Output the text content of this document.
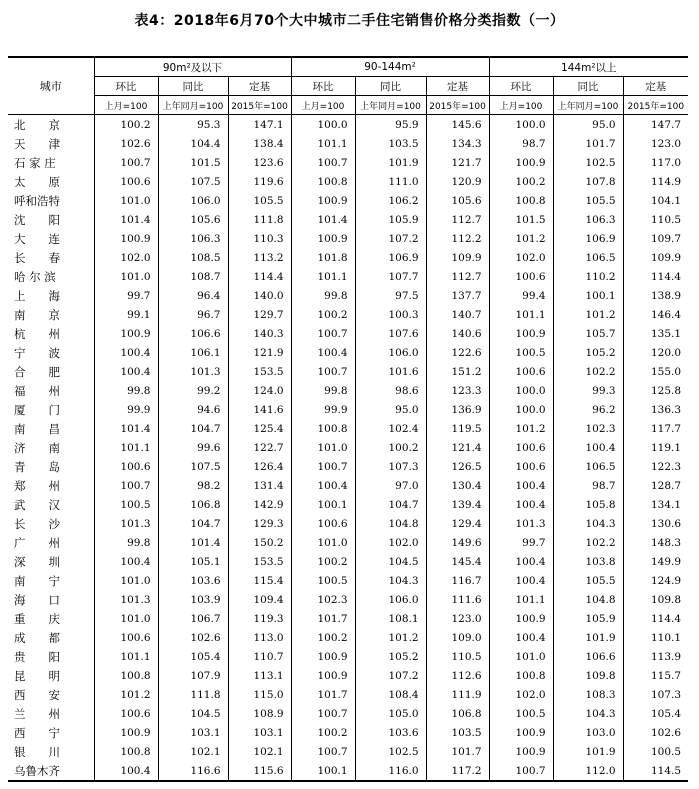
表4：2018年6月70个大中城市二手住宅销售价格分类指数（一）
城市	90m²及以下			90-144m²			144m²以上		
	环比	同比	定基	环比	同比	定基	环比	同比	定基
	上月=100	上年同月=100	2015年=100	上月=100	上年同月=100	2015年=100	上月=100	上年同月=100	2015年=100
北　　京	100.2	95.3	147.1	100.0	95.9	145.6	100.0	95.0	147.7
天　　津	102.6	104.4	138.4	101.1	103.5	134.3	98.7	101.7	123.0
石 家 庄	100.7	101.5	123.6	100.7	101.9	121.7	100.9	102.5	117.0
太　　原	100.6	107.5	119.6	100.8	111.0	120.9	100.2	107.8	114.9
呼和浩特	101.0	106.0	105.5	100.9	106.2	105.6	100.8	105.5	104.1
沈　　阳	101.4	105.6	111.8	101.4	105.9	112.7	101.5	106.3	110.5
大　　连	100.9	106.3	110.3	100.9	107.2	112.2	101.2	106.9	109.7
长　　春	102.0	108.5	113.2	101.8	106.9	109.9	102.0	106.5	109.9
哈 尔 滨	101.0	108.7	114.4	101.1	107.7	112.7	100.6	110.2	114.4
上　　海	99.7	96.4	140.0	99.8	97.5	137.7	99.4	100.1	138.9
南　　京	99.1	96.7	129.7	100.2	100.3	140.7	101.1	101.2	146.4
杭　　州	100.9	106.6	140.3	100.7	107.6	140.6	100.9	105.7	135.1
宁　　波	100.4	106.1	121.9	100.4	106.0	122.6	100.5	105.2	120.0
合　　肥	100.4	101.3	153.5	100.7	101.6	151.2	100.6	102.2	155.0
福　　州	99.8	99.2	124.0	99.8	98.6	123.3	100.0	99.3	125.8
厦　　门	99.9	94.6	141.6	99.9	95.0	136.9	100.0	96.2	136.3
南　　昌	101.4	104.7	125.4	100.8	102.4	119.5	101.2	102.3	117.7
济　　南	101.1	99.6	122.7	101.0	100.2	121.4	100.6	100.4	119.1
青　　岛	100.6	107.5	126.4	100.7	107.3	126.5	100.6	106.5	122.3
郑　　州	100.7	98.2	131.4	100.4	97.0	130.4	100.4	98.7	128.7
武　　汉	100.5	106.8	142.9	100.1	104.7	139.4	100.4	105.8	134.1
长　　沙	101.3	104.7	129.3	100.6	104.8	129.4	101.3	104.3	130.6
广　　州	99.8	101.4	150.2	101.0	102.0	149.6	99.7	102.2	148.3
深　　圳	100.4	105.1	153.5	100.2	104.5	145.4	100.4	103.8	149.9
南　　宁	101.0	103.6	115.4	100.5	104.3	116.7	100.4	105.5	124.9
海　　口	101.3	103.9	109.4	102.3	106.0	111.6	101.1	104.8	109.8
重　　庆	101.0	106.7	119.3	101.7	108.1	123.0	100.9	105.9	114.4
成　　都	100.6	102.6	113.0	100.2	101.2	109.0	100.4	101.9	110.1
贵　　阳	101.1	105.4	110.7	100.9	105.2	110.5	101.0	106.6	113.9
昆　　明	100.8	107.9	113.1	100.9	107.2	112.6	100.8	109.8	115.7
西　　安	101.2	111.8	115.0	101.7	108.4	111.9	102.0	108.3	107.3
兰　　州	100.6	104.5	108.9	100.7	105.0	106.8	100.5	104.3	105.4
西　　宁	100.9	103.1	103.1	100.2	103.6	103.5	100.9	103.0	102.6
银　　川	100.8	102.1	102.1	100.7	102.5	101.7	100.9	101.9	100.5
乌鲁木齐	100.4	116.6	115.6	100.1	116.0	117.2	100.7	112.0	114.5
